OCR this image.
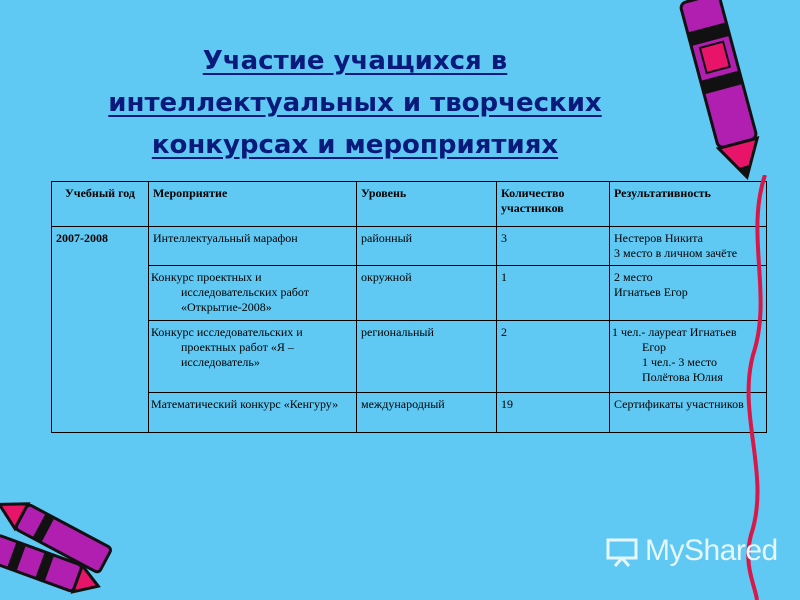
Участие учащихся в
интеллектуальных и творческих
конкурсах и мероприятиях
Учебный год	Мероприятие	Уровень	Количество участников	Результативность
2007-2008	Интеллектуальный марафон	районный	3	Нестеров Никита
3 место в личном зачёте
	Конкурс проектных и исследовательских работ «Открытие-2008»	окружной	1	2 место
Игнатьев Егор
	Конкурс исследовательских и проектных работ «Я – исследователь»	региональный	2	1 чел.- лауреат Игнатьев Егор
1 чел.- 3 место
Полётова Юлия
	Математический конкурс «Кенгуру»	международный	19	Сертификаты участников
MyShared
